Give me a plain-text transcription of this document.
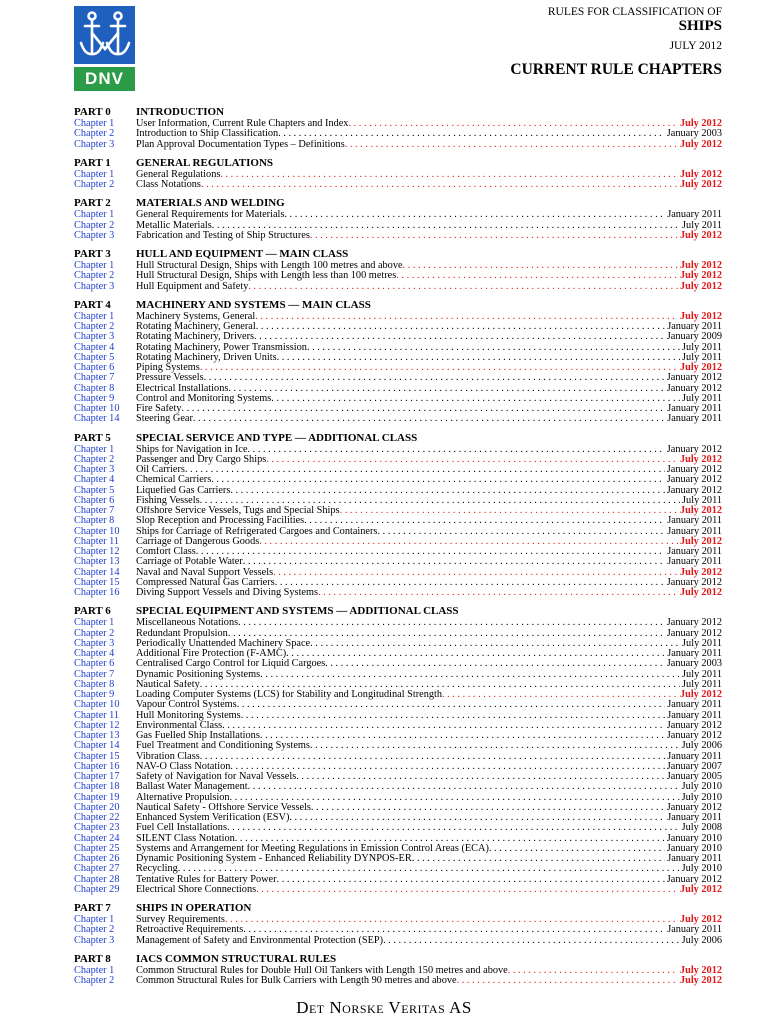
DNV
RULES FOR CLASSIFICATION OF
SHIPS
JULY 2012
CURRENT RULE CHAPTERS
PART 0	INTRODUCTION
Chapter 1	User Information, Current Rule Chapters and Index . . .	July 2012
Chapter 2	Introduction to Ship Classification . . .	January 2003
Chapter 3	Plan Approval Documentation Types – Definitions . . .	July 2012
PART 1	GENERAL REGULATIONS
Chapter 1	General Regulations . . .	July 2012
Chapter 2	Class Notations . . .	July 2012
PART 2	MATERIALS AND WELDING
Chapter 1	General Requirements for Materials . . .	January 2011
Chapter 2	Metallic Materials . . .	July 2011
Chapter 3	Fabrication and Testing of Ship Structures . . .	July 2012
PART 3	HULL AND EQUIPMENT — MAIN CLASS
Chapter 1	Hull Structural Design, Ships with Length 100 metres and above . . .	July 2012
Chapter 2	Hull Structural Design, Ships with Length less than 100 metres . . .	July 2012
Chapter 3	Hull Equipment and Safety . . .	July 2012
PART 4	MACHINERY AND SYSTEMS — MAIN CLASS
Chapter 1	Machinery Systems, General . . .	July 2012
Chapter 2	Rotating Machinery, General . . .	January 2011
Chapter 3	Rotating Machinery, Drivers . . .	January 2009
Chapter 4	Rotating Machinery, Power Transmission . . .	July 2011
Chapter 5	Rotating Machinery, Driven Units . . .	July 2011
Chapter 6	Piping Systems . . .	July 2012
Chapter 7	Pressure Vessels . . .	January 2012
Chapter 8	Electrical Installations . . .	January 2012
Chapter 9	Control and Monitoring Systems . . .	July 2011
Chapter 10	Fire Safety . . .	January 2011
Chapter 14	Steering Gear . . .	January 2011
PART 5	SPECIAL SERVICE AND TYPE — ADDITIONAL CLASS
Chapter 1	Ships for Navigation in Ice . . .	January 2012
Chapter 2	Passenger and Dry Cargo Ships . . .	July 2012
Chapter 3	Oil Carriers . . .	January 2012
Chapter 4	Chemical Carriers . . .	January 2012
Chapter 5	Liquefied Gas Carriers . . .	January 2012
Chapter 6	Fishing Vessels . . .	July 2011
Chapter 7	Offshore Service Vessels, Tugs and Special Ships . . .	July 2012
Chapter 8	Slop Reception and Processing Facilities . . .	January 2011
Chapter 10	Ships for Carriage of Refrigerated Cargoes and Containers . . .	January 2011
Chapter 11	Carriage of Dangerous Goods . . .	July 2012
Chapter 12	Comfort Class . . .	January 2011
Chapter 13	Carriage of Potable Water . . .	January 2011
Chapter 14	Naval and Naval Support Vessels . . .	July 2012
Chapter 15	Compressed Natural Gas Carriers . . .	January 2012
Chapter 16	Diving Support Vessels and Diving Systems . . .	July 2012
PART 6	SPECIAL EQUIPMENT AND SYSTEMS — ADDITIONAL CLASS
Chapter 1	Miscellaneous Notations . . .	January 2012
Chapter 2	Redundant Propulsion . . .	January 2012
Chapter 3	Periodically Unattended Machinery Space . . .	July 2011
Chapter 4	Additional Fire Protection (F-AMC) . . .	January 2011
Chapter 6	Centralised Cargo Control for Liquid Cargoes . . .	January 2003
Chapter 7	Dynamic Positioning Systems . . .	July 2011
Chapter 8	Nautical Safety . . .	July 2011
Chapter 9	Loading Computer Systems (LCS) for Stability and Longitudinal Strength . . .	July 2012
Chapter 10	Vapour Control Systems . . .	January 2011
Chapter 11	Hull Monitoring Systems . . .	January 2011
Chapter 12	Environmental Class . . .	January 2012
Chapter 13	Gas Fuelled Ship Installations . . .	January 2012
Chapter 14	Fuel Treatment and Conditioning Systems . . .	July 2006
Chapter 15	Vibration Class . . .	January 2011
Chapter 16	NAV-O Class Notation . . .	January 2007
Chapter 17	Safety of Navigation for Naval Vessels . . .	January 2005
Chapter 18	Ballast Water Management . . .	July 2010
Chapter 19	Alternative Propulsion . . .	July 2010
Chapter 20	Nautical Safety - Offshore Service Vessels . . .	January 2012
Chapter 22	Enhanced System Verification (ESV) . . .	January 2011
Chapter 23	Fuel Cell Installations . . .	July 2008
Chapter 24	SILENT Class Notation . . .	January 2010
Chapter 25	Systems and Arrangement for Meeting Regulations in Emission Control Areas (ECA) . . .	January 2010
Chapter 26	Dynamic Positioning System - Enhanced Reliability DYNPOS-ER . . .	January 2011
Chapter 27	Recycling . . .	July 2010
Chapter 28	Tentative Rules for Battery Power . . .	January 2012
Chapter 29	Electrical Shore Connections . . .	July 2012
PART 7	SHIPS IN OPERATION
Chapter 1	Survey Requirements . . .	July 2012
Chapter 2	Retroactive Requirements . . .	January 2011
Chapter 3	Management of Safety and Environmental Protection (SEP) . . .	July 2006
PART 8	IACS COMMON STRUCTURAL RULES
Chapter 1	Common Structural Rules for Double Hull Oil Tankers with Length 150 metres and above . . .	July 2012
Chapter 2	Common Structural Rules for Bulk Carriers with Length 90 metres and above . . .	July 2012
Det Norske Veritas AS
